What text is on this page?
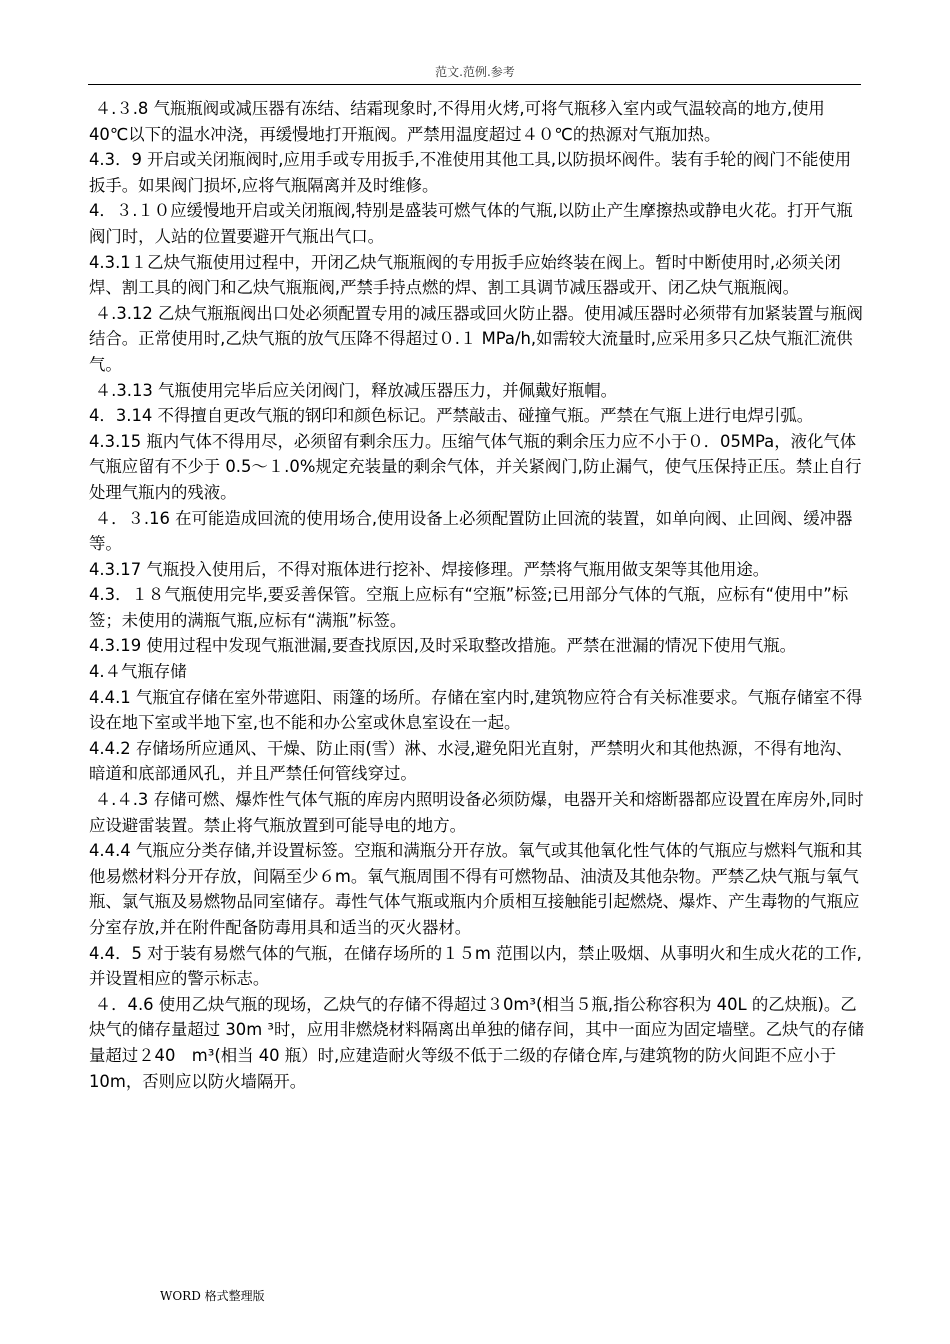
范文.范例.参考

４.３.8 气瓶瓶阀或减压器有冻结、结霜现象时,不得用火烤,可将气瓶移入室内或气温较高的地方,使用 40℃以下的温水冲浇，再缓慢地打开瓶阀。严禁用温度超过４０℃的热源对气瓶加热。

4.3．9 开启或关闭瓶阀时,应用手或专用扳手,不准使用其他工具,以防损坏阀件。装有手轮的阀门不能使用扳手。如果阀门损坏,应将气瓶隔离并及时维修。

4．３.１０应缓慢地开启或关闭瓶阀,特别是盛装可燃气体的气瓶,以防止产生摩擦热或静电火花。打开气瓶阀门时，人站的位置要避开气瓶出气口。

4.3.1１乙炔气瓶使用过程中，开闭乙炔气瓶瓶阀的专用扳手应始终装在阀上。暂时中断使用时,必须关闭焊、割工具的阀门和乙炔气瓶瓶阀,严禁手持点燃的焊、割工具调节减压器或开、闭乙炔气瓶瓶阀。

４.3.12 乙炔气瓶瓶阀出口处必须配置专用的减压器或回火防止器。使用减压器时必须带有加紧装置与瓶阀结合。正常使用时,乙炔气瓶的放气压降不得超过０.１ MPa/h,如需较大流量时,应采用多只乙炔气瓶汇流供气。

４.3.13 气瓶使用完毕后应关闭阀门，释放减压器压力，并佩戴好瓶帽。

4．3.14 不得擅自更改气瓶的钢印和颜色标记。严禁敲击、碰撞气瓶。严禁在气瓶上进行电焊引弧。

4.3.15 瓶内气体不得用尽，必须留有剩余压力。压缩气体气瓶的剩余压力应不小于０．05MPa，液化气体气瓶应留有不少于 0.5～１.0%规定充装量的剩余气体，并关紧阀门,防止漏气，使气压保持正压。禁止自行处理气瓶内的残液。

４．３.16 在可能造成回流的使用场合,使用设备上必须配置防止回流的装置，如单向阀、止回阀、缓冲器等。

4.3.17 气瓶投入使用后，不得对瓶体进行挖补、焊接修理。严禁将气瓶用做支架等其他用途。

4.3．１８气瓶使用完毕,要妥善保管。空瓶上应标有“空瓶”标签;已用部分气体的气瓶，应标有“使用中”标签；未使用的满瓶气瓶,应标有“满瓶”标签。

4.3.19 使用过程中发现气瓶泄漏,要查找原因,及时采取整改措施。严禁在泄漏的情况下使用气瓶。

4.４气瓶存储

4.4.1 气瓶宜存储在室外带遮阳、雨篷的场所。存储在室内时,建筑物应符合有关标准要求。气瓶存储室不得设在地下室或半地下室,也不能和办公室或休息室设在一起。

4.4.2 存储场所应通风、干燥、防止雨(雪）淋、水浸,避免阳光直射，严禁明火和其他热源，不得有地沟、暗道和底部通风孔，并且严禁任何管线穿过。

４.４.3 存储可燃、爆炸性气体气瓶的库房内照明设备必须防爆，电器开关和熔断器都应设置在库房外,同时应设避雷装置。禁止将气瓶放置到可能导电的地方。

4.4.4 气瓶应分类存储,并设置标签。空瓶和满瓶分开存放。氧气或其他氧化性气体的气瓶应与燃料气瓶和其他易燃材料分开存放，间隔至少６m。氧气瓶周围不得有可燃物品、油渍及其他杂物。严禁乙炔气瓶与氧气瓶、氯气瓶及易燃物品同室储存。毒性气体气瓶或瓶内介质相互接触能引起燃烧、爆炸、产生毒物的气瓶应分室存放,并在附件配备防毒用具和适当的灭火器材。

4.4．5 对于装有易燃气体的气瓶，在储存场所的１５m 范围以内，禁止吸烟、从事明火和生成火花的工作,并设置相应的警示标志。

４．4.6 使用乙炔气瓶的现场，乙炔气的存储不得超过３0m³(相当５瓶,指公称容积为 40L 的乙炔瓶)。乙炔气的储存量超过 30m ³时，应用非燃烧材料隔离出单独的储存间，其中一面应为固定墙壁。乙炔气的存储量超过２40　m³(相当 40 瓶）时,应建造耐火等级不低于二级的存储仓库,与建筑物的防火间距不应小于 10m，否则应以防火墙隔开。

WORD 格式整理版
